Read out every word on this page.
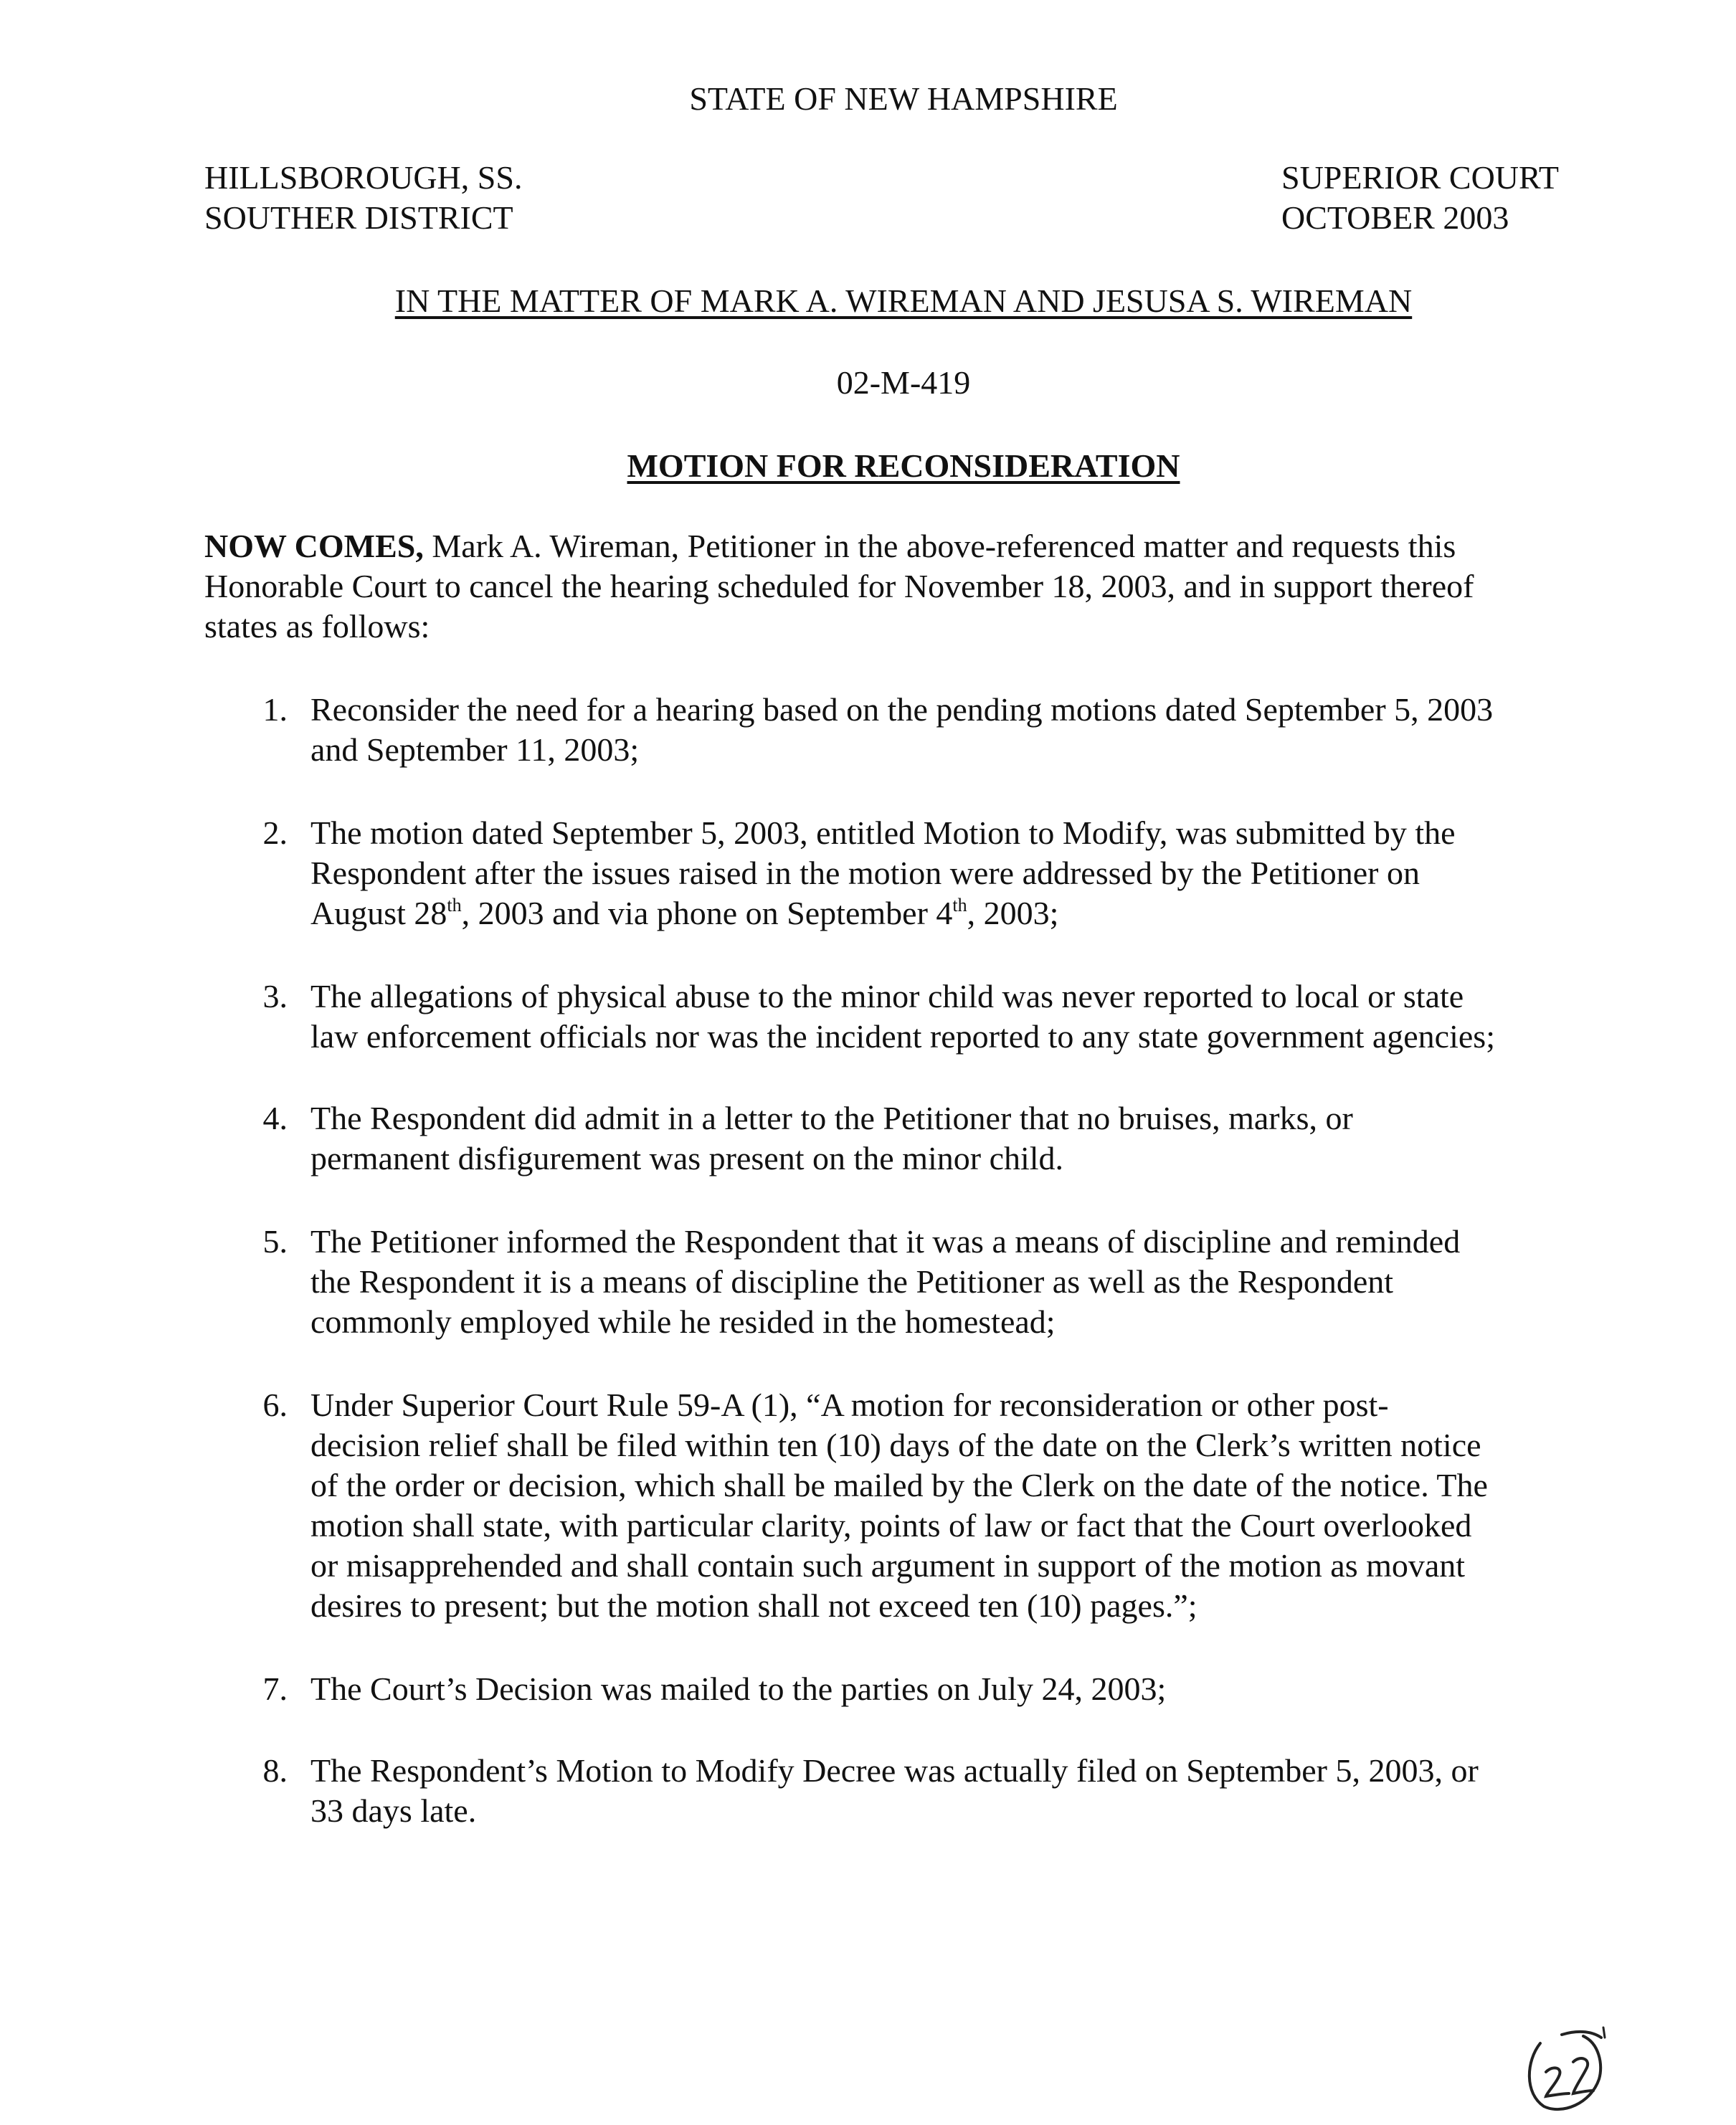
STATE OF NEW HAMPSHIRE
HILLSBOROUGH, SS.
SOUTHER DISTRICT
SUPERIOR COURT
OCTOBER 2003
IN THE MATTER OF MARK A. WIREMAN AND JESUSA S. WIREMAN
02-M-419
MOTION FOR RECONSIDERATION
NOW COMES, Mark A. Wireman, Petitioner in the above-referenced matter and requests this
Honorable Court to cancel the hearing scheduled for November 18, 2003, and in support thereof
states as follows:
1. Reconsider the need for a hearing based on the pending motions dated September 5, 2003
and September 11, 2003;
2. The motion dated September 5, 2003, entitled Motion to Modify, was submitted by the
Respondent after the issues raised in the motion were addressed by the Petitioner on
August 28th, 2003 and via phone on September 4th, 2003;
3. The allegations of physical abuse to the minor child was never reported to local or state
law enforcement officials nor was the incident reported to any state government agencies;
4. The Respondent did admit in a letter to the Petitioner that no bruises, marks, or
permanent disfigurement was present on the minor child.
5. The Petitioner informed the Respondent that it was a means of discipline and reminded
the Respondent it is a means of discipline the Petitioner as well as the Respondent
commonly employed while he resided in the homestead;
6. Under Superior Court Rule 59-A (1), “A motion for reconsideration or other post-
decision relief shall be filed within ten (10) days of the date on the Clerk’s written notice
of the order or decision, which shall be mailed by the Clerk on the date of the notice. The
motion shall state, with particular clarity, points of law or fact that the Court overlooked
or misapprehended and shall contain such argument in support of the motion as movant
desires to present; but the motion shall not exceed ten (10) pages.”;
7. The Court’s Decision was mailed to the parties on July 24, 2003;
8. The Respondent’s Motion to Modify Decree was actually filed on September 5, 2003, or
33 days late.
